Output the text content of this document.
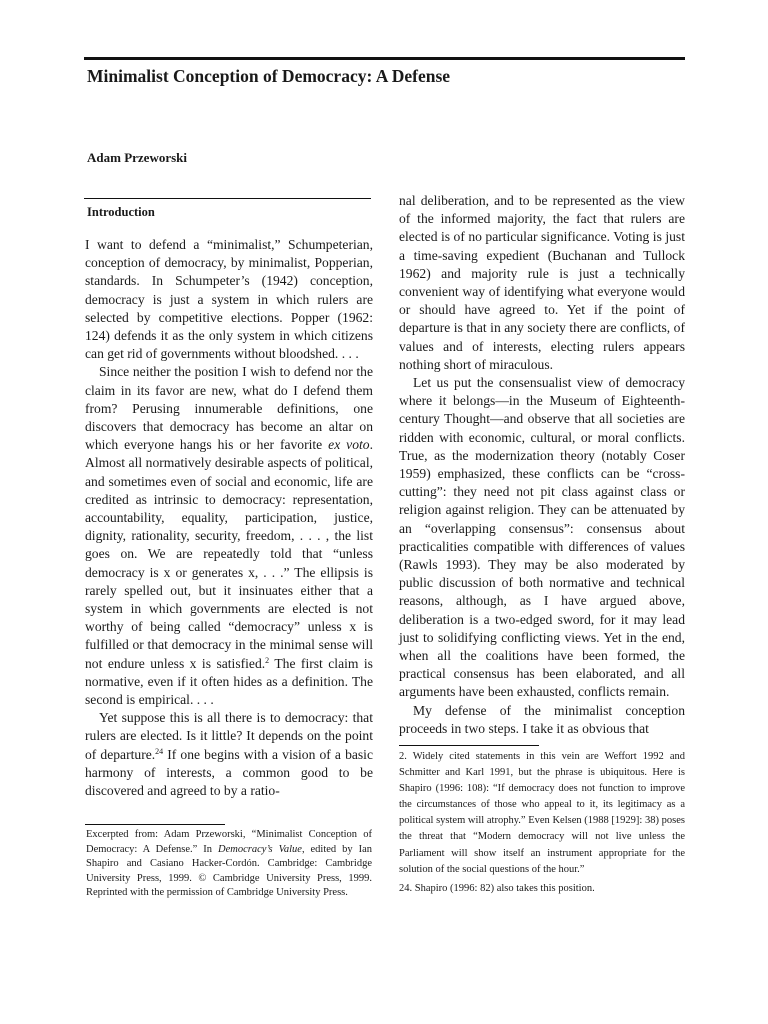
Minimalist Conception of Democracy: A Defense
Adam Przeworski
Introduction

I want to defend a “minimalist,” Schumpeterian, conception of democracy, by minimalist, Popperian, standards. In Schumpeter’s (1942) conception, democracy is just a system in which rulers are selected by competitive elections. Popper (1962: 124) defends it as the only system in which citizens can get rid of governments without bloodshed. . . .

Since neither the position I wish to defend nor the claim in its favor are new, what do I defend them from? Perusing innumerable definitions, one discovers that democracy has become an altar on which everyone hangs his or her favorite ex voto. Almost all normatively desirable aspects of political, and sometimes even of social and economic, life are credited as intrinsic to democracy: representation, accountability, equality, participation, justice, dignity, rationality, security, freedom, . . . , the list goes on. We are repeatedly told that “unless democracy is x or generates x, . . .” The ellipsis is rarely spelled out, but it insinuates either that a system in which governments are elected is not worthy of being called “democracy” unless x is fulfilled or that democracy in the minimal sense will not endure unless x is satisfied.$^2$ The first claim is normative, even if it often hides as a definition. The second is empirical. . . .

Yet suppose this is all there is to democracy: that rulers are elected. Is it little? It depends on the point of departure.$^{24}$ If one begins with a vision of a basic harmony of interests, a common good to be discovered and agreed to by a ratio-

nal deliberation, and to be represented as the view of the informed majority, the fact that rulers are elected is of no particular significance. Voting is just a time-saving expedient (Buchanan and Tullock 1962) and majority rule is just a technically convenient way of identifying what everyone would or should have agreed to. Yet if the point of departure is that in any society there are conflicts, of values and of interests, electing rulers appears nothing short of miraculous.

Let us put the consensualist view of democracy where it belongs—in the Museum of Eighteenth-century Thought—and observe that all societies are ridden with economic, cultural, or moral conflicts. True, as the modernization theory (notably Coser 1959) emphasized, these conflicts can be “cross-cutting”: they need not pit class against class or religion against religion. They can be attenuated by an “overlapping consensus”: consensus about practicalities compatible with differences of values (Rawls 1993). They may be also moderated by public discussion of both normative and technical reasons, although, as I have argued above, deliberation is a two-edged sword, for it may lead just to solidifying conflicting views. Yet in the end, when all the coalitions have been formed, the practical consensus has been elaborated, and all arguments have been exhausted, conflicts remain.

My defense of the minimalist conception proceeds in two steps. I take it as obvious that

Excerpted from: Adam Przeworski, “Minimalist Conception of Democracy: A Defense.” In Democracy’s Value, edited by Ian Shapiro and Casiano Hacker-Cordón. Cambridge: Cambridge University Press, 1999. © Cambridge University Press, 1999. Reprinted with the permission of Cambridge University Press.

2. Widely cited statements in this vein are Weffort 1992 and Schmitter and Karl 1991, but the phrase is ubiquitous. Here is Shapiro (1996: 108): “If democracy does not function to improve the circumstances of those who appeal to it, its legitimacy as a political system will atrophy.” Even Kelsen (1988 [1929]: 38) poses the threat that “Modern democracy will not live unless the Parliament will show itself an instrument appropriate for the solution of the social questions of the hour.”

24. Shapiro (1996: 82) also takes this position.
